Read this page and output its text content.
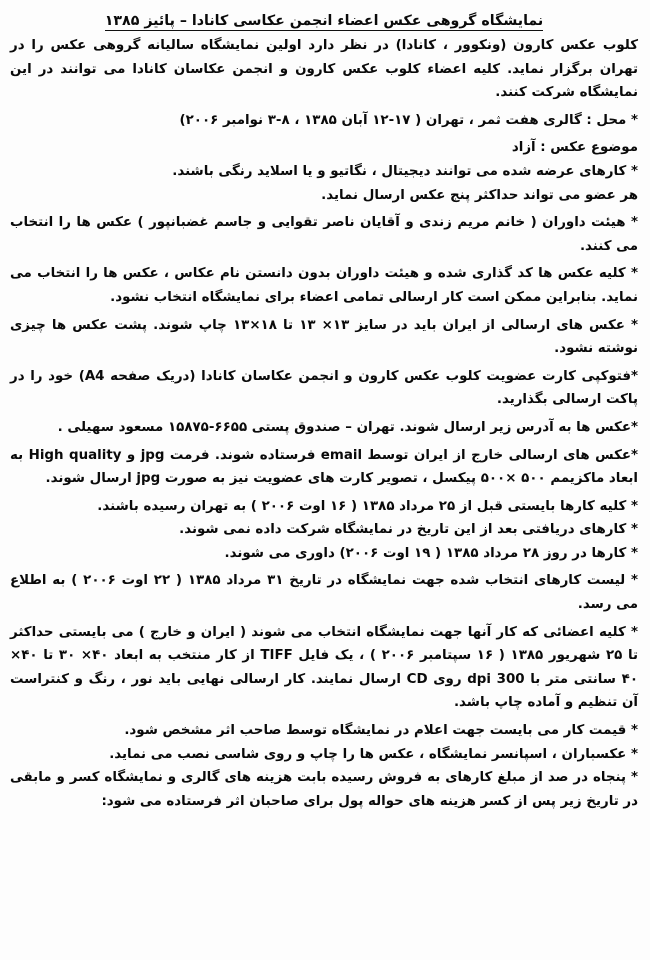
نمایشگاه گروهی عکس اعضاء انجمن عکاسی کانادا – پائیز ۱۳۸۵

کلوب عکس کارون (ونکوور ، کانادا) در نظر دارد اولین نمایشگاه سالیانه گروهی عکس را در تهران برگزار نماید. کلیه اعضاء کلوب عکس کارون و انجمن عکاسان کانادا می توانند در این نمایشگاه شرکت کنند.

* محل : گالری هفت ثمر ، تهران ( ۱۷-۱۲ آبان ۱۳۸۵ ، ۸-۳ نوامبر ۲۰۰۶)

موضوع عکس : آزاد

* کارهای عرضه شده می توانند دیجیتال ، نگاتیو و یا اسلاید رنگی باشند.

هر عضو می تواند حداکثر پنج عکس ارسال نماید.

* هیئت داوران ( خانم مریم زندی و آقایان ناصر تقوایی و جاسم غضبانپور ) عکس ها را انتخاب می کنند.

* کلیه عکس ها کد گذاری شده و هیئت داوران بدون دانستن نام عکاس ، عکس ها را انتخاب می نماید. بنابراین ممکن است کار ارسالی تمامی اعضاء برای نمایشگاه انتخاب نشود.

* عکس های ارسالی از ایران باید در سایز ۱۳× ۱۳ تا ۱۸×۱۳ چاپ شوند. پشت عکس ها چیزی نوشته نشود.

*فتوکپی کارت عضویت کلوب عکس کارون و انجمن عکاسان کانادا (دریک صفحه A4) خود را در پاکت ارسالی بگذارید.

*عکس ها به آدرس زیر ارسال شوند. تهران – صندوق پستی ۶۶۵۵-۱۵۸۷۵ مسعود سهیلی .

*عکس های ارسالی خارج از ایران توسط email فرستاده شوند. فرمت jpg و High quality به ابعاد ماکزیمم ۵۰۰ ×۵۰۰ پیکسل ، تصویر کارت های عضویت نیز به صورت jpg ارسال شوند.

* کلیه کارها بایستی قبل از ۲۵ مرداد ۱۳۸۵ ( ۱۶ اوت ۲۰۰۶ ) به تهران رسیده باشند.

* کارهای دریافتی بعد از این تاریخ در نمایشگاه شرکت داده نمی شوند.

* کارها در روز ۲۸ مرداد ۱۳۸۵ ( ۱۹ اوت ۲۰۰۶) داوری می شوند.

* لیست کارهای انتخاب شده جهت نمایشگاه در تاریخ ۳۱ مرداد ۱۳۸۵ ( ۲۲ اوت ۲۰۰۶ ) به اطلاع می رسد.

* کلیه اعضائی که کار آنها جهت نمایشگاه انتخاب می شوند ( ایران و خارج ) می بایستی حداکثر تا ۲۵ شهریور ۱۳۸۵ ( ۱۶ سپتامبر ۲۰۰۶ ) ، یک فایل TIFF از کار منتخب به ابعاد ۴۰× ۳۰ تا ۴۰× ۴۰ سانتی متر با 300 dpi روی CD ارسال نمایند. کار ارسالی نهایی باید نور ، رنگ و کنتراست آن تنظیم و آماده چاپ باشد.

* قیمت کار می بایست جهت اعلام در نمایشگاه توسط صاحب اثر مشخص شود.

* عکسباران ، اسپانسر نمایشگاه ، عکس ها را چاپ و روی شاسی نصب می نماید.

* پنجاه در صد از مبلغ کارهای به فروش رسیده بابت هزینه های گالری و نمایشگاه کسر و مابقی در تاریخ زیر پس از کسر هزینه های حواله پول برای صاحبان اثر فرستاده می شود:
